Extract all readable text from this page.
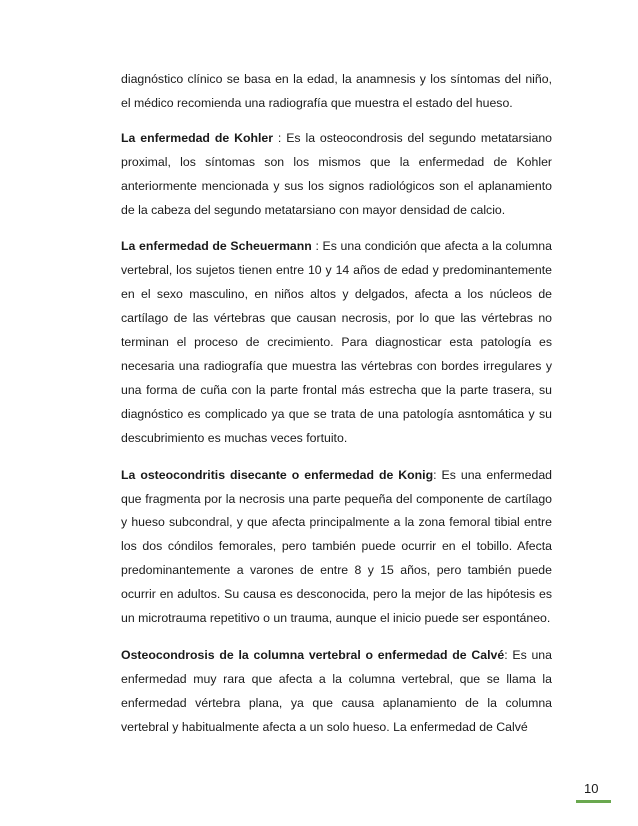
diagnóstico clínico se basa en la edad, la anamnesis y los síntomas del niño, el médico recomienda una radiografía que muestra el estado del hueso.

La enfermedad de Kohler : Es la osteocondrosis del segundo metatarsiano proximal, los síntomas son los mismos que la enfermedad de Kohler anteriormente mencionada y sus los signos radiológicos son el aplanamiento de la cabeza del segundo metatarsiano con mayor densidad de calcio.

La enfermedad de Scheuermann : Es una condición que afecta a la columna vertebral, los sujetos tienen entre 10 y 14 años de edad y predominantemente en el sexo masculino, en niños altos y delgados, afecta a los núcleos de cartílago de las vértebras que causan necrosis, por lo que las vértebras no terminan el proceso de crecimiento. Para diagnosticar esta patología es necesaria una radiografía que muestra las vértebras con bordes irregulares y una forma de cuña con la parte frontal más estrecha que la parte trasera, su diagnóstico es complicado ya que se trata de una patología asntomática y su descubrimiento es muchas veces fortuito.

La osteocondritis disecante o enfermedad de Konig: Es una enfermedad que fragmenta por la necrosis una parte pequeña del componente de cartílago y hueso subcondral, y que afecta principalmente a la zona femoral tibial entre los dos cóndilos femorales, pero también puede ocurrir en el tobillo. Afecta predominantemente a varones de entre 8 y 15 años, pero también puede ocurrir en adultos. Su causa es desconocida, pero la mejor de las hipótesis es un microtrauma repetitivo o un trauma, aunque el inicio puede ser espontáneo.

Osteocondrosis de la columna vertebral o enfermedad de Calvé: Es una enfermedad muy rara que afecta a la columna vertebral, que se llama la enfermedad vértebra plana, ya que causa aplanamiento de la columna vertebral y habitualmente afecta a un solo hueso. La enfermedad de Calvé

10
